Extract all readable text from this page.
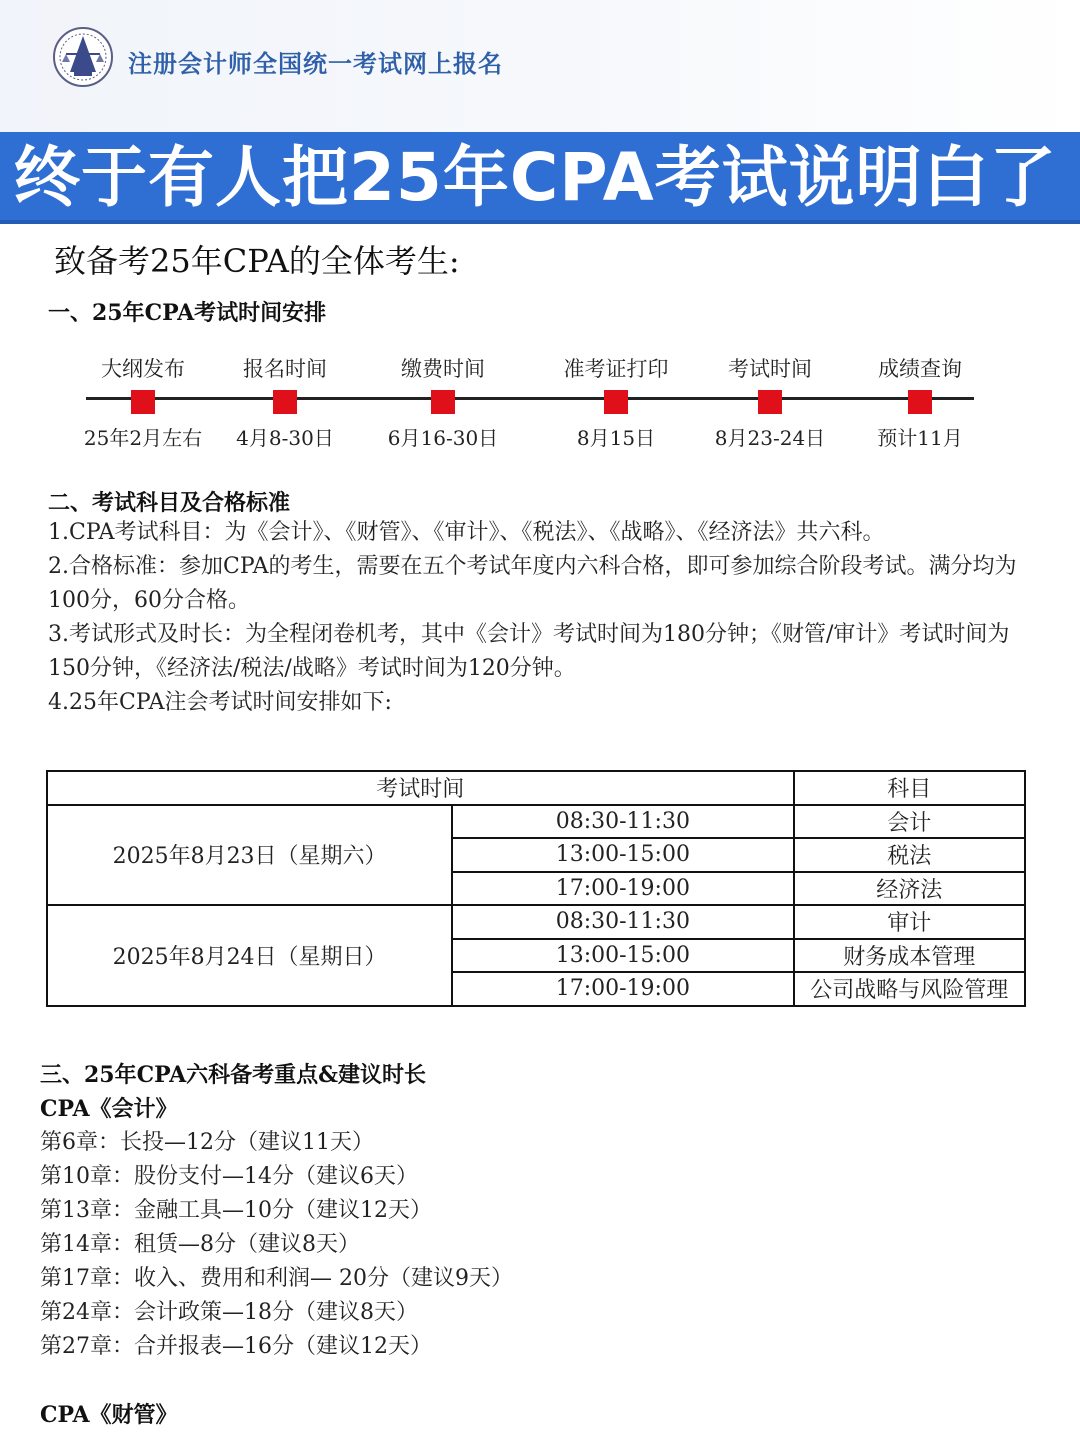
注册会计师全国统一考试网上报名
终于有人把25年CPA考试说明白了
致备考25年CPA的全体考生:
一、25年CPA考试时间安排
大纲发布
25年2月左右
报名时间
4月8-30日
缴费时间
6月16-30日
准考证打印
8月15日
考试时间
8月23-24日
成绩查询
预计11月
二、考试科目及合格标准

1.CPA考试科目：为《会计》、《财管》、《审计》、《税法》、《战略》、《经济法》共六科。

2.合格标准：参加CPA的考生，需要在五个考试年度内六科合格，即可参加综合阶段考试。满分均为100分，60分合格。

3.考试形式及时长：为全程闭卷机考，其中《会计》考试时间为180分钟；《财管/审计》考试时间为150分钟，《经济法/税法/战略》考试时间为120分钟。

4.25年CPA注会考试时间安排如下:

考试时间		科目
2025年8月23日（星期六）	08:30-11:30	会计
	13:00-15:00	税法
	17:00-19:00	经济法
2025年8月24日（星期日）	08:30-11:30	审计
	13:00-15:00	财务成本管理
	17:00-19:00	公司战略与风险管理
三、25年CPA六科备考重点&建议时长
CPA《会计》
第6章：长投—12分（建议11天）
第10章：股份支付—14分（建议6天）
第13章：金融工具—10分（建议12天）
第14章：租赁—8分（建议8天）
第17章：收入、费用和利润— 20分（建议9天）
第24章：会计政策—18分（建议8天）
第27章：合并报表—16分（建议12天）
CPA《财管》
